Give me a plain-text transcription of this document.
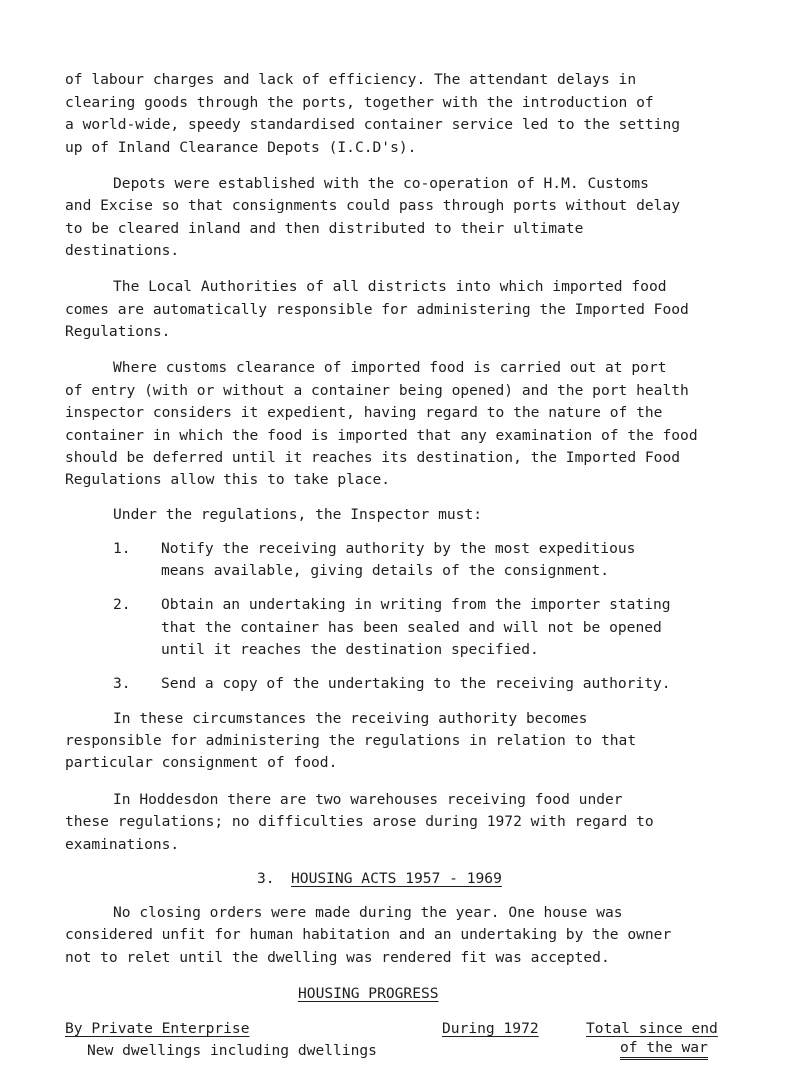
of labour charges and lack of efficiency. The attendant delays in
clearing goods through the ports, together with the introduction of
a world-wide, speedy standardised container service led to the setting
up of Inland Clearance Depots (I.C.D's).
Depots were established with the co-operation of H.M. Customs
and Excise so that consignments could pass through ports without delay
to be cleared inland and then distributed to their ultimate
destinations.
The Local Authorities of all districts into which imported food
comes are automatically responsible for administering the Imported Food
Regulations.
Where customs clearance of imported food is carried out at port
of entry (with or without a container being opened) and the port health
inspector considers it expedient, having regard to the nature of the
container in which the food is imported that any examination of the food
should be deferred until it reaches its destination, the Imported Food
Regulations allow this to take place.
Under the regulations, the Inspector must:
1. Notify the receiving authority by the most expeditious
means available, giving details of the consignment.
2. Obtain an undertaking in writing from the importer stating
that the container has been sealed and will not be opened
until it reaches the destination specified.
3. Send a copy of the undertaking to the receiving authority.
In these circumstances the receiving authority becomes
responsible for administering the regulations in relation to that
particular consignment of food.
In Hoddesdon there are two warehouses receiving food under
these regulations; no difficulties arose during 1972 with regard to
examinations.
3. HOUSING ACTS 1957 - 1969
No closing orders were made during the year. One house was
considered unfit for human habitation and an undertaking by the owner
not to relet until the dwelling was rendered fit was accepted.
HOUSING PROGRESS
By Private Enterprise	During 1972	Total since end
of the war
New dwellings including dwellings
